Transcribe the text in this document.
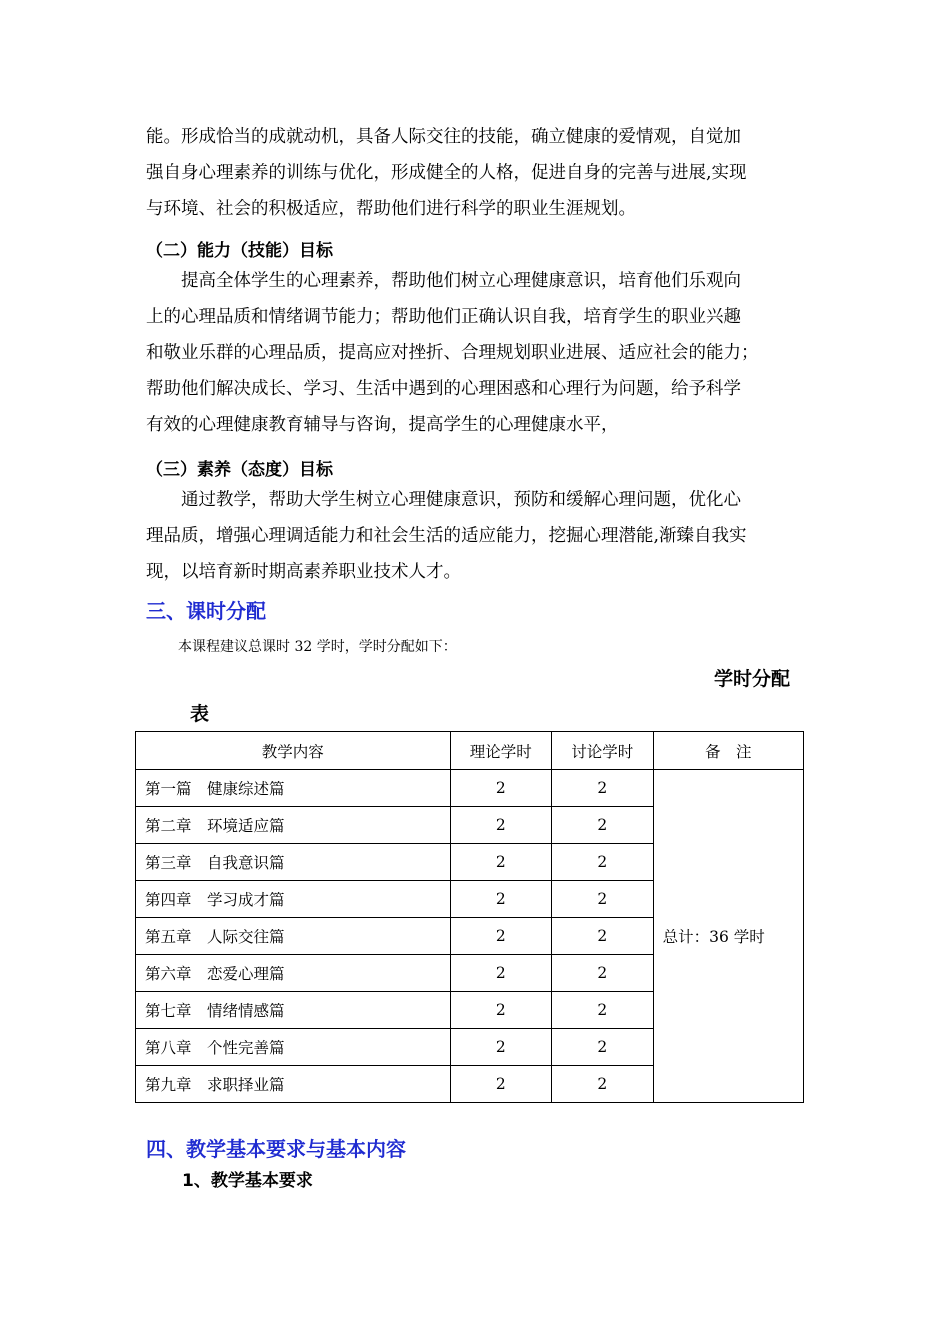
能。形成恰当的成就动机，具备人际交往的技能，确立健康的爱情观，自觉加

强自身心理素养的训练与优化，形成健全的人格，促进自身的完善与进展,实现

与环境、社会的积极适应，帮助他们进行科学的职业生涯规划。

（二）能力（技能）目标

　　提高全体学生的心理素养，帮助他们树立心理健康意识，培育他们乐观向

上的心理品质和情绪调节能力；帮助他们正确认识自我，培育学生的职业兴趣

和敬业乐群的心理品质，提高应对挫折、合理规划职业进展、适应社会的能力；

帮助他们解决成长、学习、生活中遇到的心理困惑和心理行为问题，给予科学

有效的心理健康教育辅导与咨询，提高学生的心理健康水平，

（三）素养（态度）目标

　　通过教学，帮助大学生树立心理健康意识，预防和缓解心理问题，优化心

理品质，增强心理调适能力和社会生活的适应能力，挖掘心理潜能,渐臻自我实

现，以培育新时期高素养职业技术人才。

三、课时分配
本课程建议总课时 32 学时，学时分配如下：
学时分配
表
教学内容	理论学时	讨论学时	备　注
第一篇　健康综述篇	2	2	总计：36 学时
第二章　环境适应篇	2	2	
第三章　自我意识篇	2	2	
第四章　学习成才篇	2	2	
第五章　人际交往篇	2	2	
第六章　恋爱心理篇	2	2	
第七章　情绪情感篇	2	2	
第八章　个性完善篇	2	2	
第九章　求职择业篇	2	2	
四、教学基本要求与基本内容
1、教学基本要求
